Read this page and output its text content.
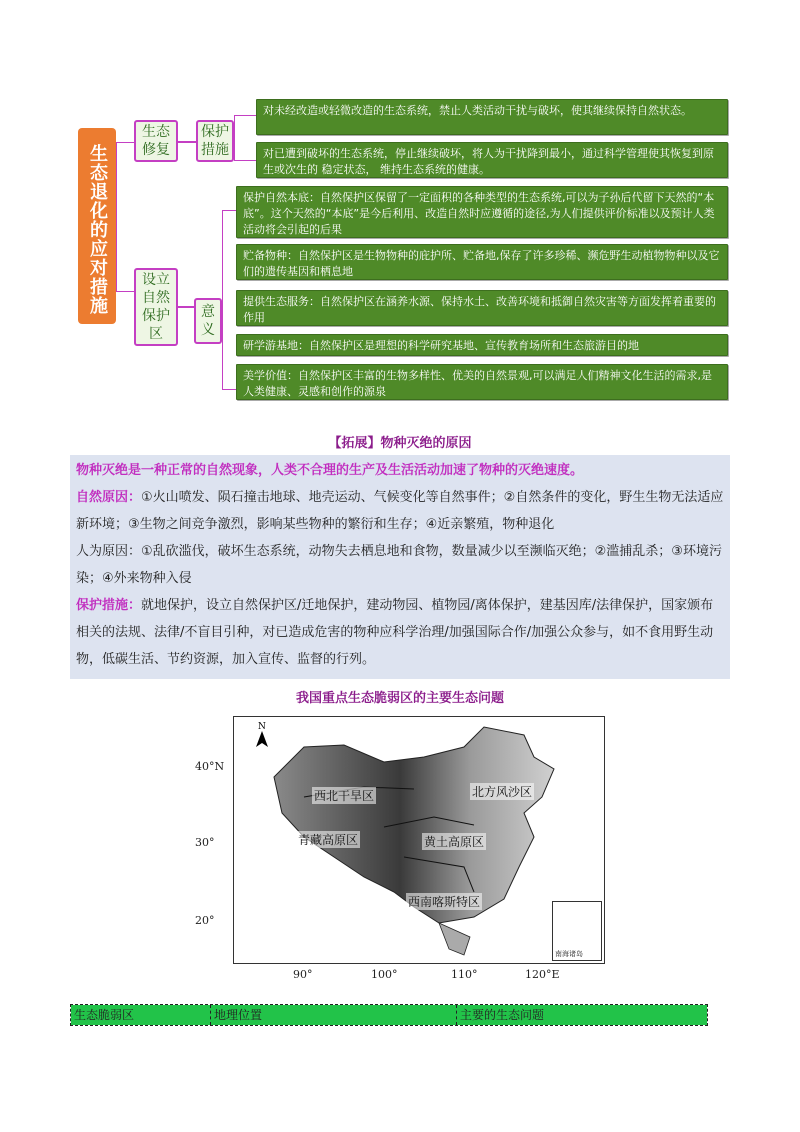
生态退化的应对措施
生态修复
保护措施
对未经改造或轻微改造的生态系统，禁止人类活动干扰与破坏，使其继续保持自然状态。
对已遭到破坏的生态系统，停止继续破坏，将人为干扰降到最小，通过科学管理使其恢复到原生或次生的 稳定状态， 维持生态系统的健康。
设立自然保护区
意义
保护自然本底：自然保护区保留了一定面积的各种类型的生态系统,可以为子孙后代留下天然的“本底”。这个天然的“本底”是今后利用、改造自然时应遵循的途径,为人们提供评价标准以及预计人类活动将会引起的后果
贮备物种：自然保护区是生物物种的庇护所、贮备地,保存了许多珍稀、濒危野生动植物物种以及它们的遗传基因和栖息地
提供生态服务：自然保护区在涵养水源、保持水土、改善环境和抵御自然灾害等方面发挥着重要的作用
研学游基地：自然保护区是理想的科学研究基地、宣传教育场所和生态旅游目的地
美学价值：自然保护区丰富的生物多样性、优美的自然景观,可以满足人们精神文化生活的需求,是人类健康、灵感和创作的源泉
【拓展】物种灭绝的原因

物种灭绝是一种正常的自然现象，人类不合理的生产及生活活动加速了物种的灭绝速度。

自然原因：①火山喷发、陨石撞击地球、地壳运动、气候变化等自然事件；②自然条件的变化，野生生物无法适应新环境；③生物之间竞争激烈，影响某些物种的繁衍和生存；④近亲繁殖，物种退化

人为原因：①乱砍滥伐，破坏生态系统，动物失去栖息地和食物，数量减少以至濒临灭绝；②滥捕乱杀；③环境污染；④外来物种入侵

保护措施：就地保护，设立自然保护区/迁地保护，建动物园、植物园/离体保护，建基因库/法律保护，国家颁布相关的法规、法律/不盲目引种，对已造成危害的物种应科学治理/加强国际合作/加强公众参与，如不食用野生动物，低碳生活、节约资源，加入宣传、监督的行列。

我国重点生态脆弱区的主要生态问题
40°N
30°
20°
N
西北干旱区	北方风沙区
青藏高原区	黄土高原区
西南喀斯特区
南海诸岛
90°	100°	110°	120°E
生态脆弱区	地理位置	主要的生态问题
